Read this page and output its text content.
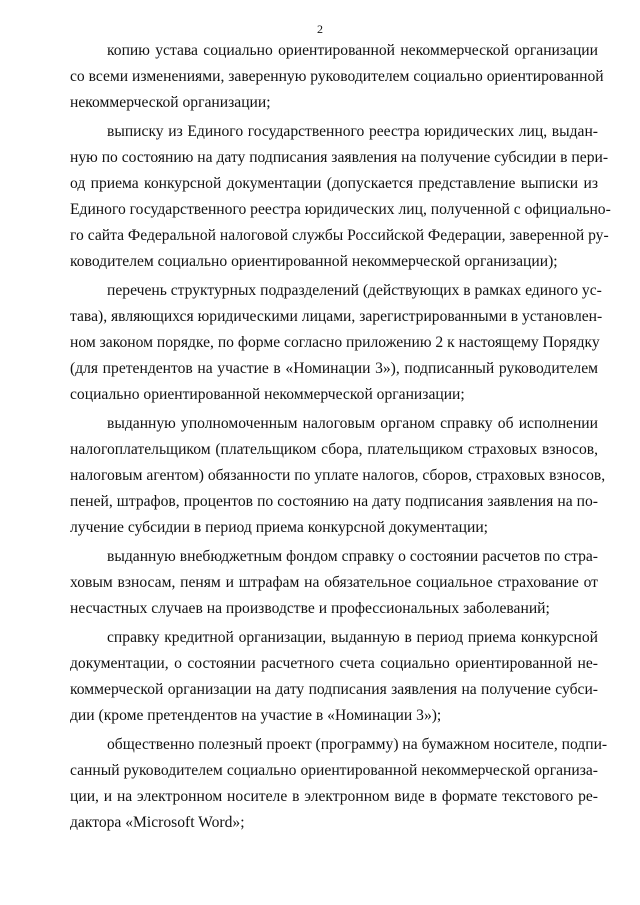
2
копию устава социально ориентированной некоммерческой организации
со всеми изменениями, заверенную руководителем социально ориентированной
некоммерческой организации;
выписку из Единого государственного реестра юридических лиц, выдан-
ную по состоянию на дату подписания заявления на получение субсидии в пери-
од приема конкурсной документации (допускается представление выписки из
Единого государственного реестра юридических лиц, полученной с официально-
го сайта Федеральной налоговой службы Российской Федерации, заверенной ру-
ководителем социально ориентированной некоммерческой организации);
перечень структурных подразделений (действующих в рамках единого ус-
тава), являющихся юридическими лицами, зарегистрированными в установлен-
ном законом порядке, по форме согласно приложению 2 к настоящему Порядку
(для претендентов на участие в «Номинации 3»), подписанный руководителем
социально ориентированной некоммерческой организации;
выданную уполномоченным налоговым органом справку об исполнении
налогоплательщиком (плательщиком сбора, плательщиком страховых взносов,
налоговым агентом) обязанности по уплате налогов, сборов, страховых взносов,
пеней, штрафов, процентов по состоянию на дату подписания заявления на по-
лучение субсидии в период приема конкурсной документации;
выданную внебюджетным фондом справку о состоянии расчетов по стра-
ховым взносам, пеням и штрафам на обязательное социальное страхование от
несчастных случаев на производстве и профессиональных заболеваний;
справку кредитной организации, выданную в период приема конкурсной
документации, о состоянии расчетного счета социально ориентированной не-
коммерческой организации на дату подписания заявления на получение субси-
дии (кроме претендентов на участие в «Номинации 3»);
общественно полезный проект (программу) на бумажном носителе, подпи-
санный руководителем социально ориентированной некоммерческой организа-
ции, и на электронном носителе в электронном виде в формате текстового ре-
дактора «Microsoft Word»;
